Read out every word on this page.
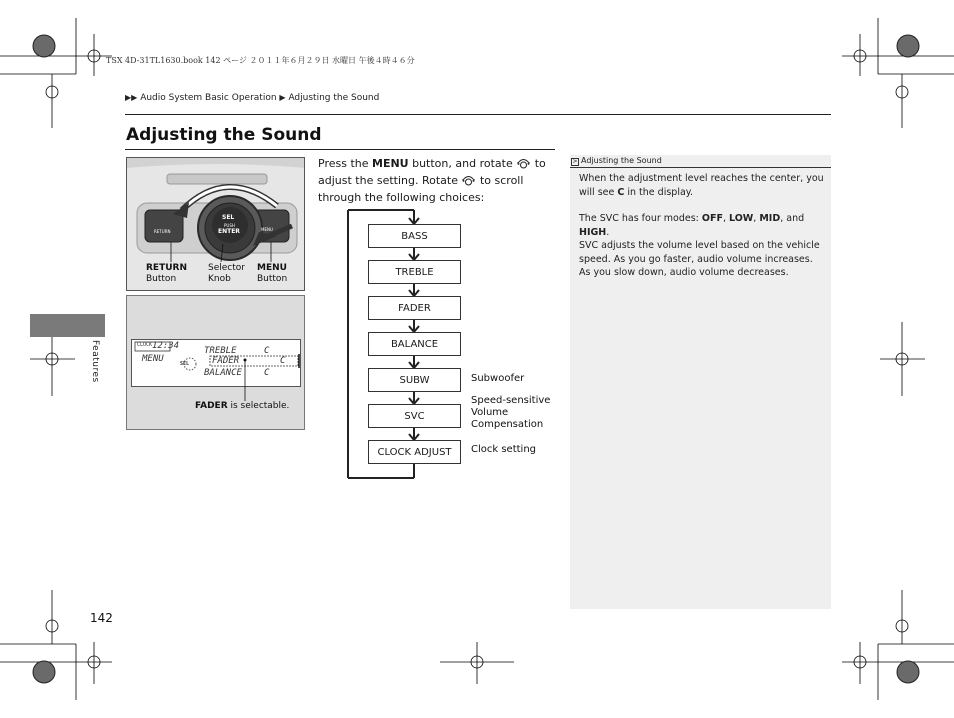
TSX 4D-31TL1630.book 142 ページ ２０１１年６月２９日 水曜日 午後４時４６分
▶▶ Audio System Basic Operation ▶ Adjusting the Sound
Adjusting the Sound
Features
SEL
PUSH
ENTER
RETURN	MENU
RETURN
Button
Selector
Knob
MENU
Button
CLOCK 12:34
MENU	SEL
TREBLE	C
FADER	C
BALANCE C
FADER is selectable.
Press the MENU button, and rotate  to adjust the setting. Rotate  to scroll through the following choices:
BASS
TREBLE
FADER
BALANCE
SUBW
SVC
CLOCK ADJUST
Subwoofer
Speed-sensitive
Volume
Compensation
Clock setting
> Adjusting the Sound

When the adjustment level reaches the center, you will see C in the display.

The SVC has four modes: OFF, LOW, MID, and HIGH.
SVC adjusts the volume level based on the vehicle speed. As you go faster, audio volume increases. As you slow down, audio volume decreases.

142
